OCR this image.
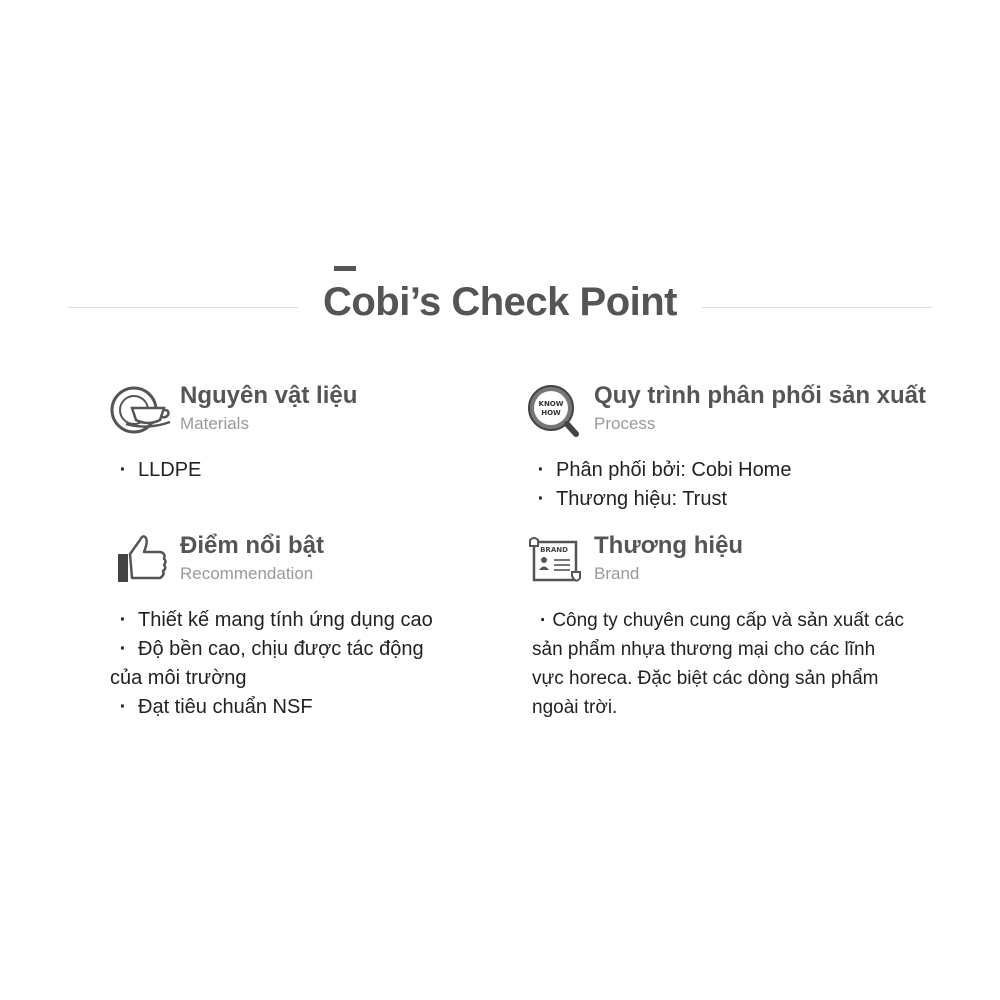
Cobi’s Check Point
Nguyên vật liệu
Materials
· LLDPE
KNOW
HOW
Quy trình phân phối sản xuất
Process
· Phân phối bởi: Cobi Home
· Thương hiệu: Trust
Điểm nổi bật
Recommendation
· Thiết kế mang tính ứng dụng cao
· Độ bền cao, chịu được tác động
của môi trường
· Đạt tiêu chuẩn NSF
BRAND Thương hiệu
Brand
· Công ty chuyên cung cấp và sản xuất các sản phẩm nhựa thương mại cho các lĩnh vực horeca. Đặc biệt các dòng sản phẩm ngoài trời.
